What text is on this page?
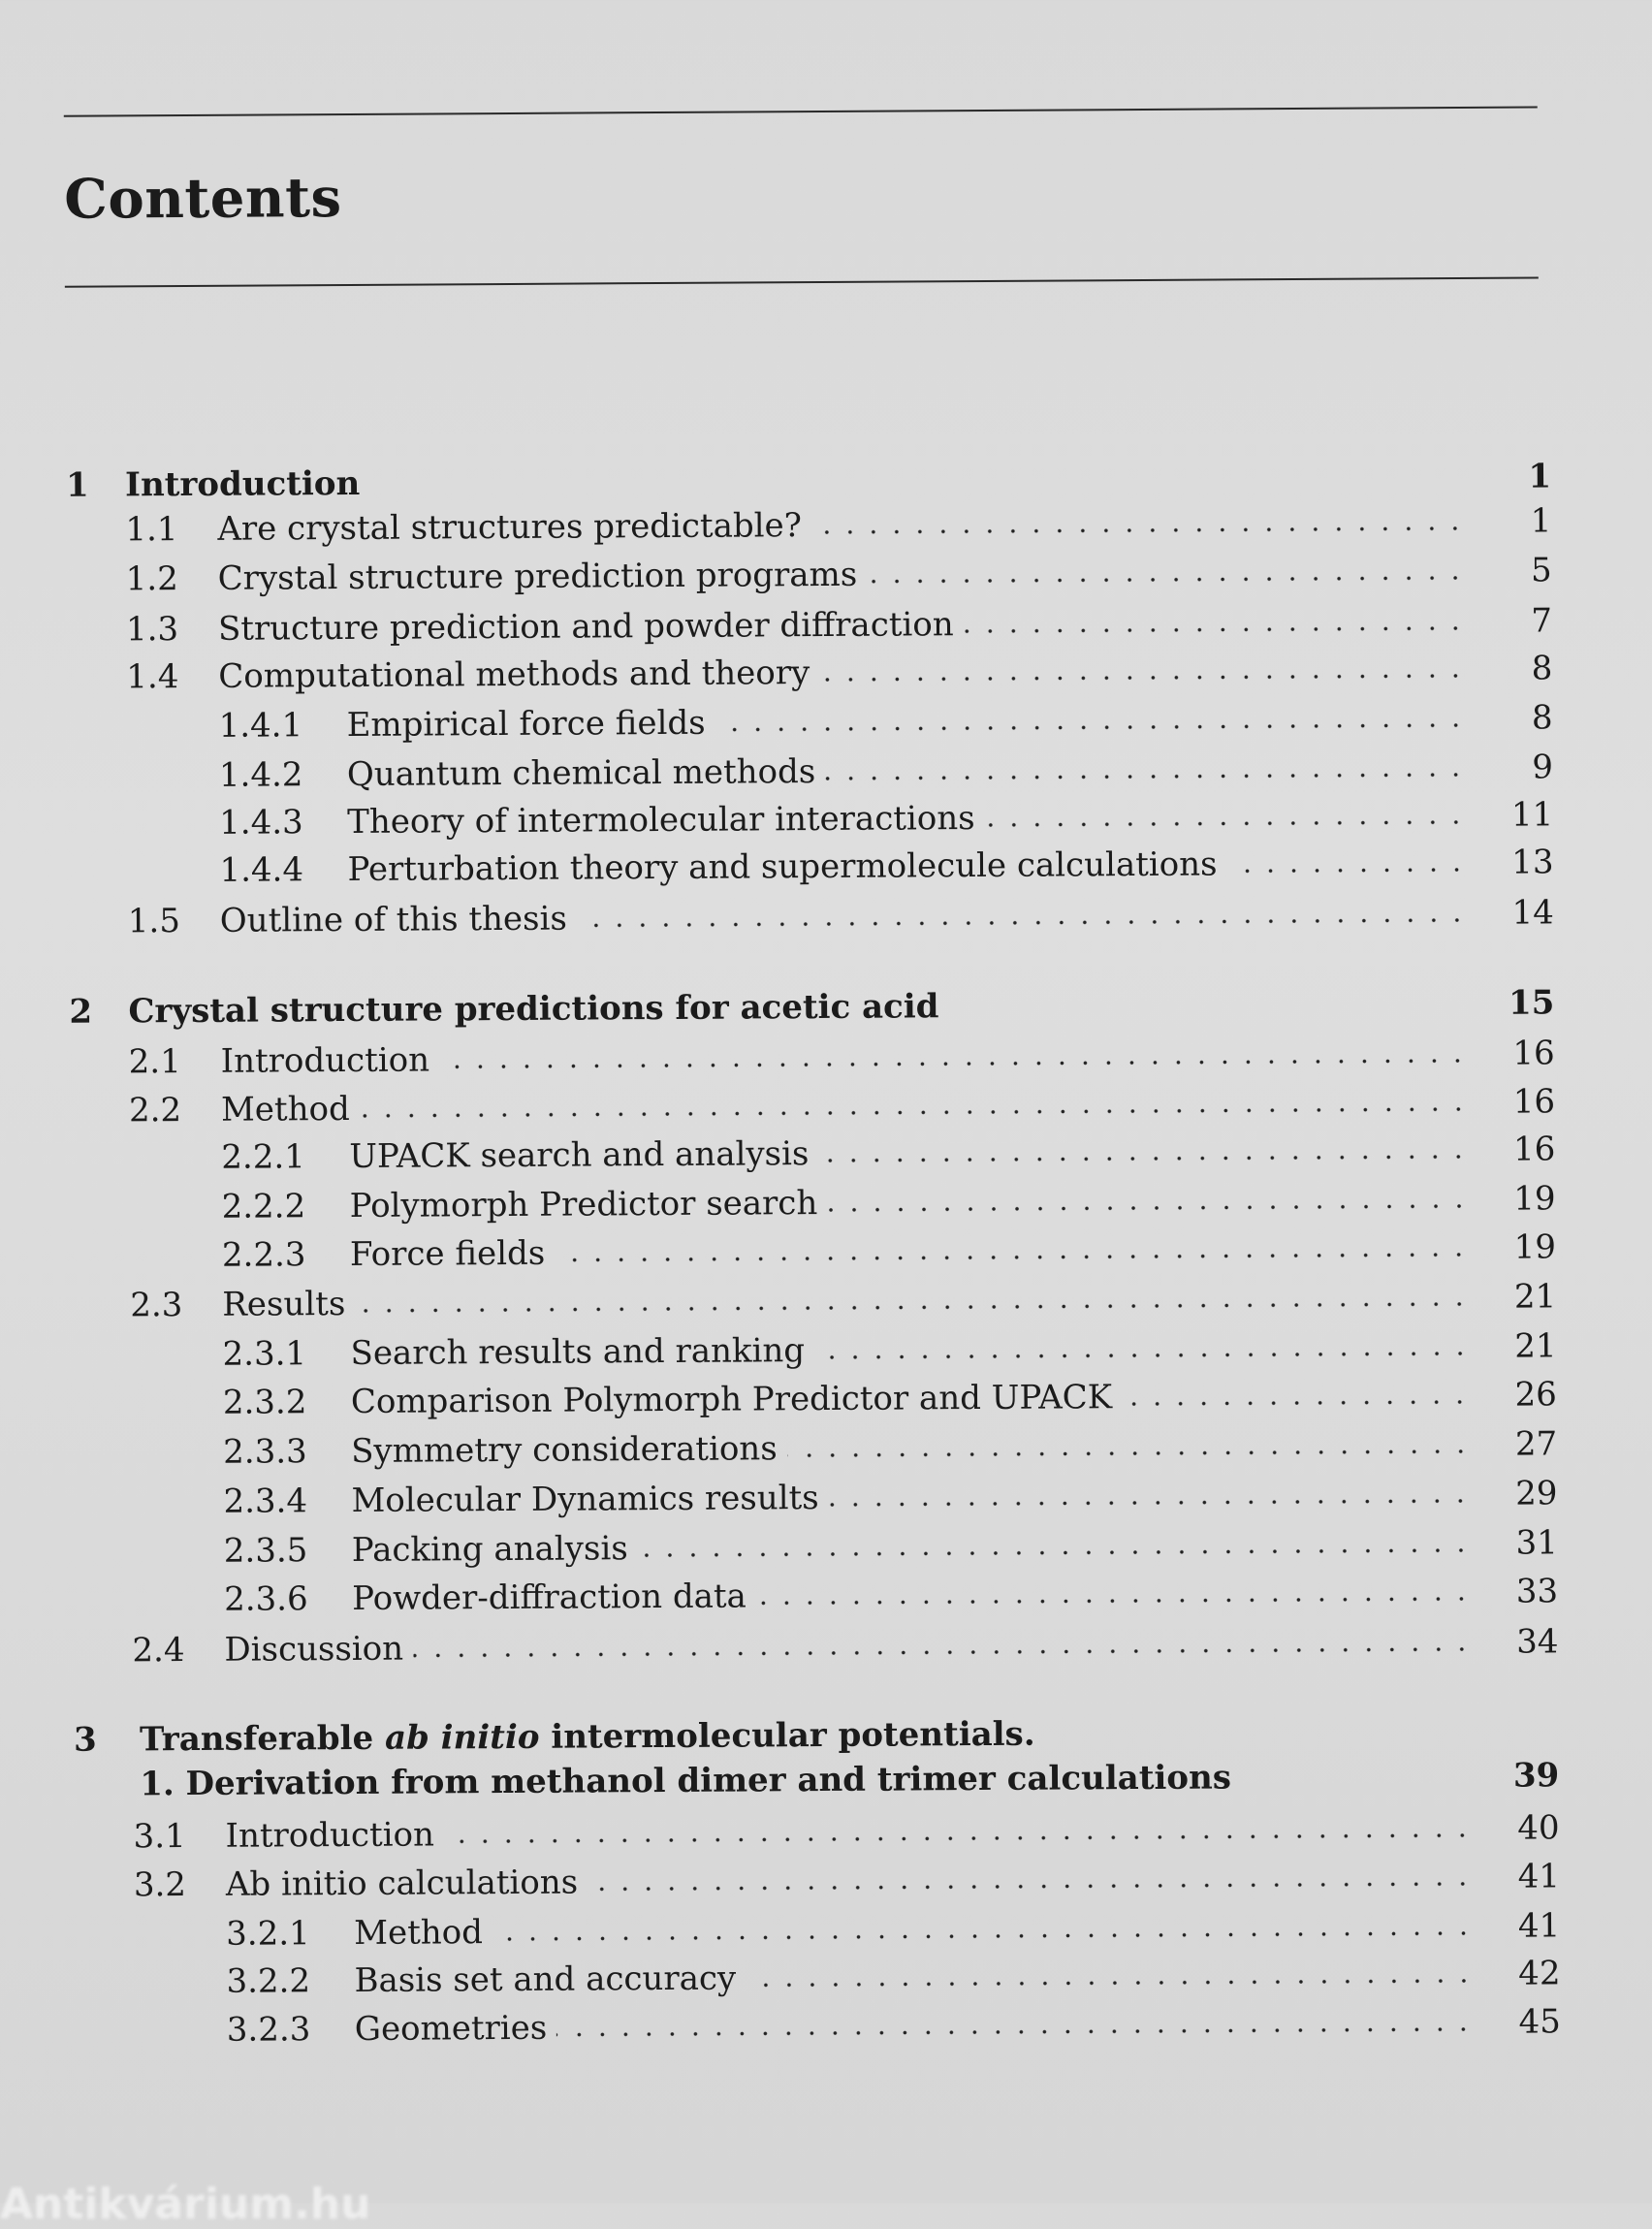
Contents
1	Introduction	1
1.1	Are crystal structures predictable?	1
1.2	Crystal structure prediction programs	5
1.3	Structure prediction and powder diffraction	7
1.4	Computational methods and theory	8
1.4.1	Empirical force fields	8
1.4.2	Quantum chemical methods	9
1.4.3	Theory of intermolecular interactions	11
1.4.4	Perturbation theory and supermolecule calculations	13
1.5	Outline of this thesis	14
2	Crystal structure predictions for acetic acid	15
2.1	Introduction	16
2.2	Method	16
2.2.1	UPACK search and analysis	16
2.2.2	Polymorph Predictor search	19
2.2.3	Force fields	19
2.3	Results	21
2.3.1	Search results and ranking	21
2.3.2	Comparison Polymorph Predictor and UPACK	26
2.3.3	Symmetry considerations	27
2.3.4	Molecular Dynamics results	29
2.3.5	Packing analysis	31
2.3.6	Powder-diffraction data	33
2.4	Discussion	34
3	Transferable ab initio intermolecular potentials.
1. Derivation from methanol dimer and trimer calculations	39
3.1	Introduction	40
3.2	Ab initio calculations	41
3.2.1	Method	41
3.2.2	Basis set and accuracy	42
3.2.3	Geometries	45
Antikvárium.hu
